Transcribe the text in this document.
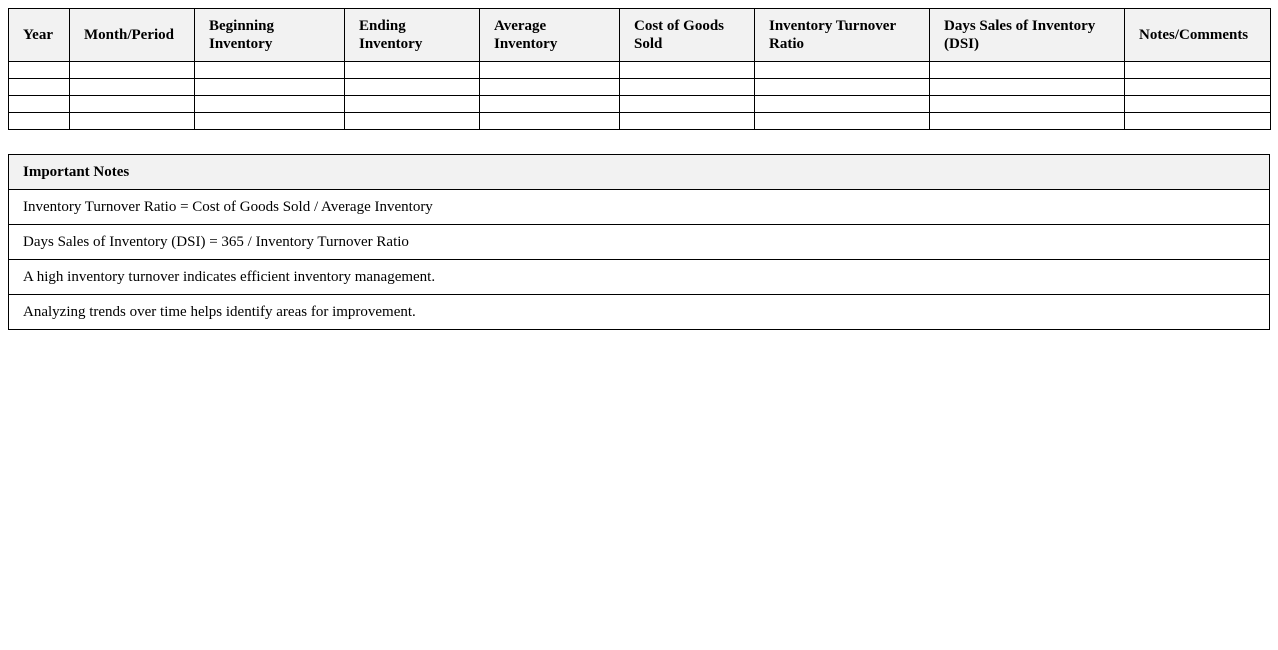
Year	Month/Period	Beginning Inventory	Ending Inventory	Average Inventory	Cost of Goods Sold	Inventory Turnover Ratio	Days Sales of Inventory (DSI)	Notes/Comments

Important Notes
Inventory Turnover Ratio = Cost of Goods Sold / Average Inventory
Days Sales of Inventory (DSI) = 365 / Inventory Turnover Ratio
A high inventory turnover indicates efficient inventory management.
Analyzing trends over time helps identify areas for improvement.
